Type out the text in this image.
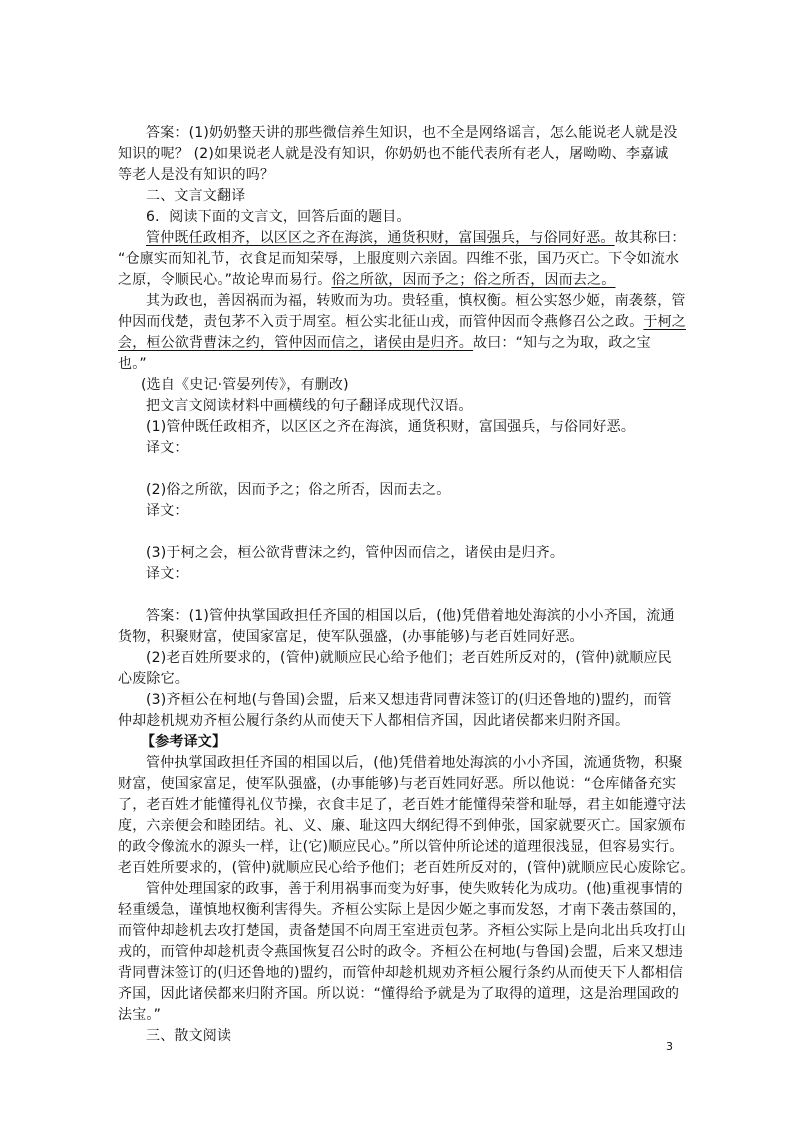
答案：(1)奶奶整天讲的那些微信养生知识，也不全是网络谣言，怎么能说老人就是没
知识的呢？ (2)如果说老人就是没有知识，你奶奶也不能代表所有老人，屠呦呦、李嘉诚
等老人是没有知识的吗？
二、文言文翻译
6．阅读下面的文言文，回答后面的题目。
管仲既任政相齐，以区区之齐在海滨，通货积财，富国强兵，与俗同好恶。故其称曰：
“仓廪实而知礼节，衣食足而知荣辱，上服度则六亲固。四维不张，国乃灭亡。下令如流水
之原，令顺民心。”故论卑而易行。俗之所欲，因而予之；俗之所否，因而去之。
其为政也，善因祸而为福，转败而为功。贵轻重，慎权衡。桓公实怒少姬，南袭蔡，管
仲因而伐楚，责包茅不入贡于周室。桓公实北征山戎，而管仲因而令燕修召公之政。于柯之
会，桓公欲背曹沫之约，管仲因而信之，诸侯由是归齐。故曰：“知与之为取，政之宝
也。”
(选自《史记·管晏列传》，有删改)
把文言文阅读材料中画横线的句子翻译成现代汉语。
(1)管仲既任政相齐，以区区之齐在海滨，通货积财，富国强兵，与俗同好恶。
译文：
(2)俗之所欲，因而予之；俗之所否，因而去之。
译文：
(3)于柯之会，桓公欲背曹沫之约，管仲因而信之，诸侯由是归齐。
译文：
答案：(1)管仲执掌国政担任齐国的相国以后，(他)凭借着地处海滨的小小齐国，流通
货物，积聚财富，使国家富足，使军队强盛，(办事能够)与老百姓同好恶。
(2)老百姓所要求的，(管仲)就顺应民心给予他们；老百姓所反对的，(管仲)就顺应民
心废除它。
(3)齐桓公在柯地(与鲁国)会盟，后来又想违背同曹沫签订的(归还鲁地的)盟约，而管
仲却趁机规劝齐桓公履行条约从而使天下人都相信齐国，因此诸侯都来归附齐国。
【参考译文】
管仲执掌国政担任齐国的相国以后，(他)凭借着地处海滨的小小齐国，流通货物，积聚
财富，使国家富足，使军队强盛，(办事能够)与老百姓同好恶。所以他说：“仓库储备充实
了，老百姓才能懂得礼仪节操，衣食丰足了，老百姓才能懂得荣誉和耻辱，君主如能遵守法
度，六亲便会和睦团结。礼、义、廉、耻这四大纲纪得不到伸张，国家就要灭亡。国家颁布
的政令像流水的源头一样，让(它)顺应民心。”所以管仲所论述的道理很浅显，但容易实行。
老百姓所要求的，(管仲)就顺应民心给予他们；老百姓所反对的，(管仲)就顺应民心废除它。
管仲处理国家的政事，善于利用祸事而变为好事，使失败转化为成功。(他)重视事情的
轻重缓急，谨慎地权衡利害得失。齐桓公实际上是因少姬之事而发怒，才南下袭击蔡国的，
而管仲却趁机去攻打楚国，责备楚国不向周王室进贡包茅。齐桓公实际上是向北出兵攻打山
戎的，而管仲却趁机责令燕国恢复召公时的政令。齐桓公在柯地(与鲁国)会盟，后来又想违
背同曹沫签订的(归还鲁地的)盟约，而管仲却趁机规劝齐桓公履行条约从而使天下人都相信
齐国，因此诸侯都来归附齐国。所以说：“懂得给予就是为了取得的道理，这是治理国政的
法宝。”
三、散文阅读
3
